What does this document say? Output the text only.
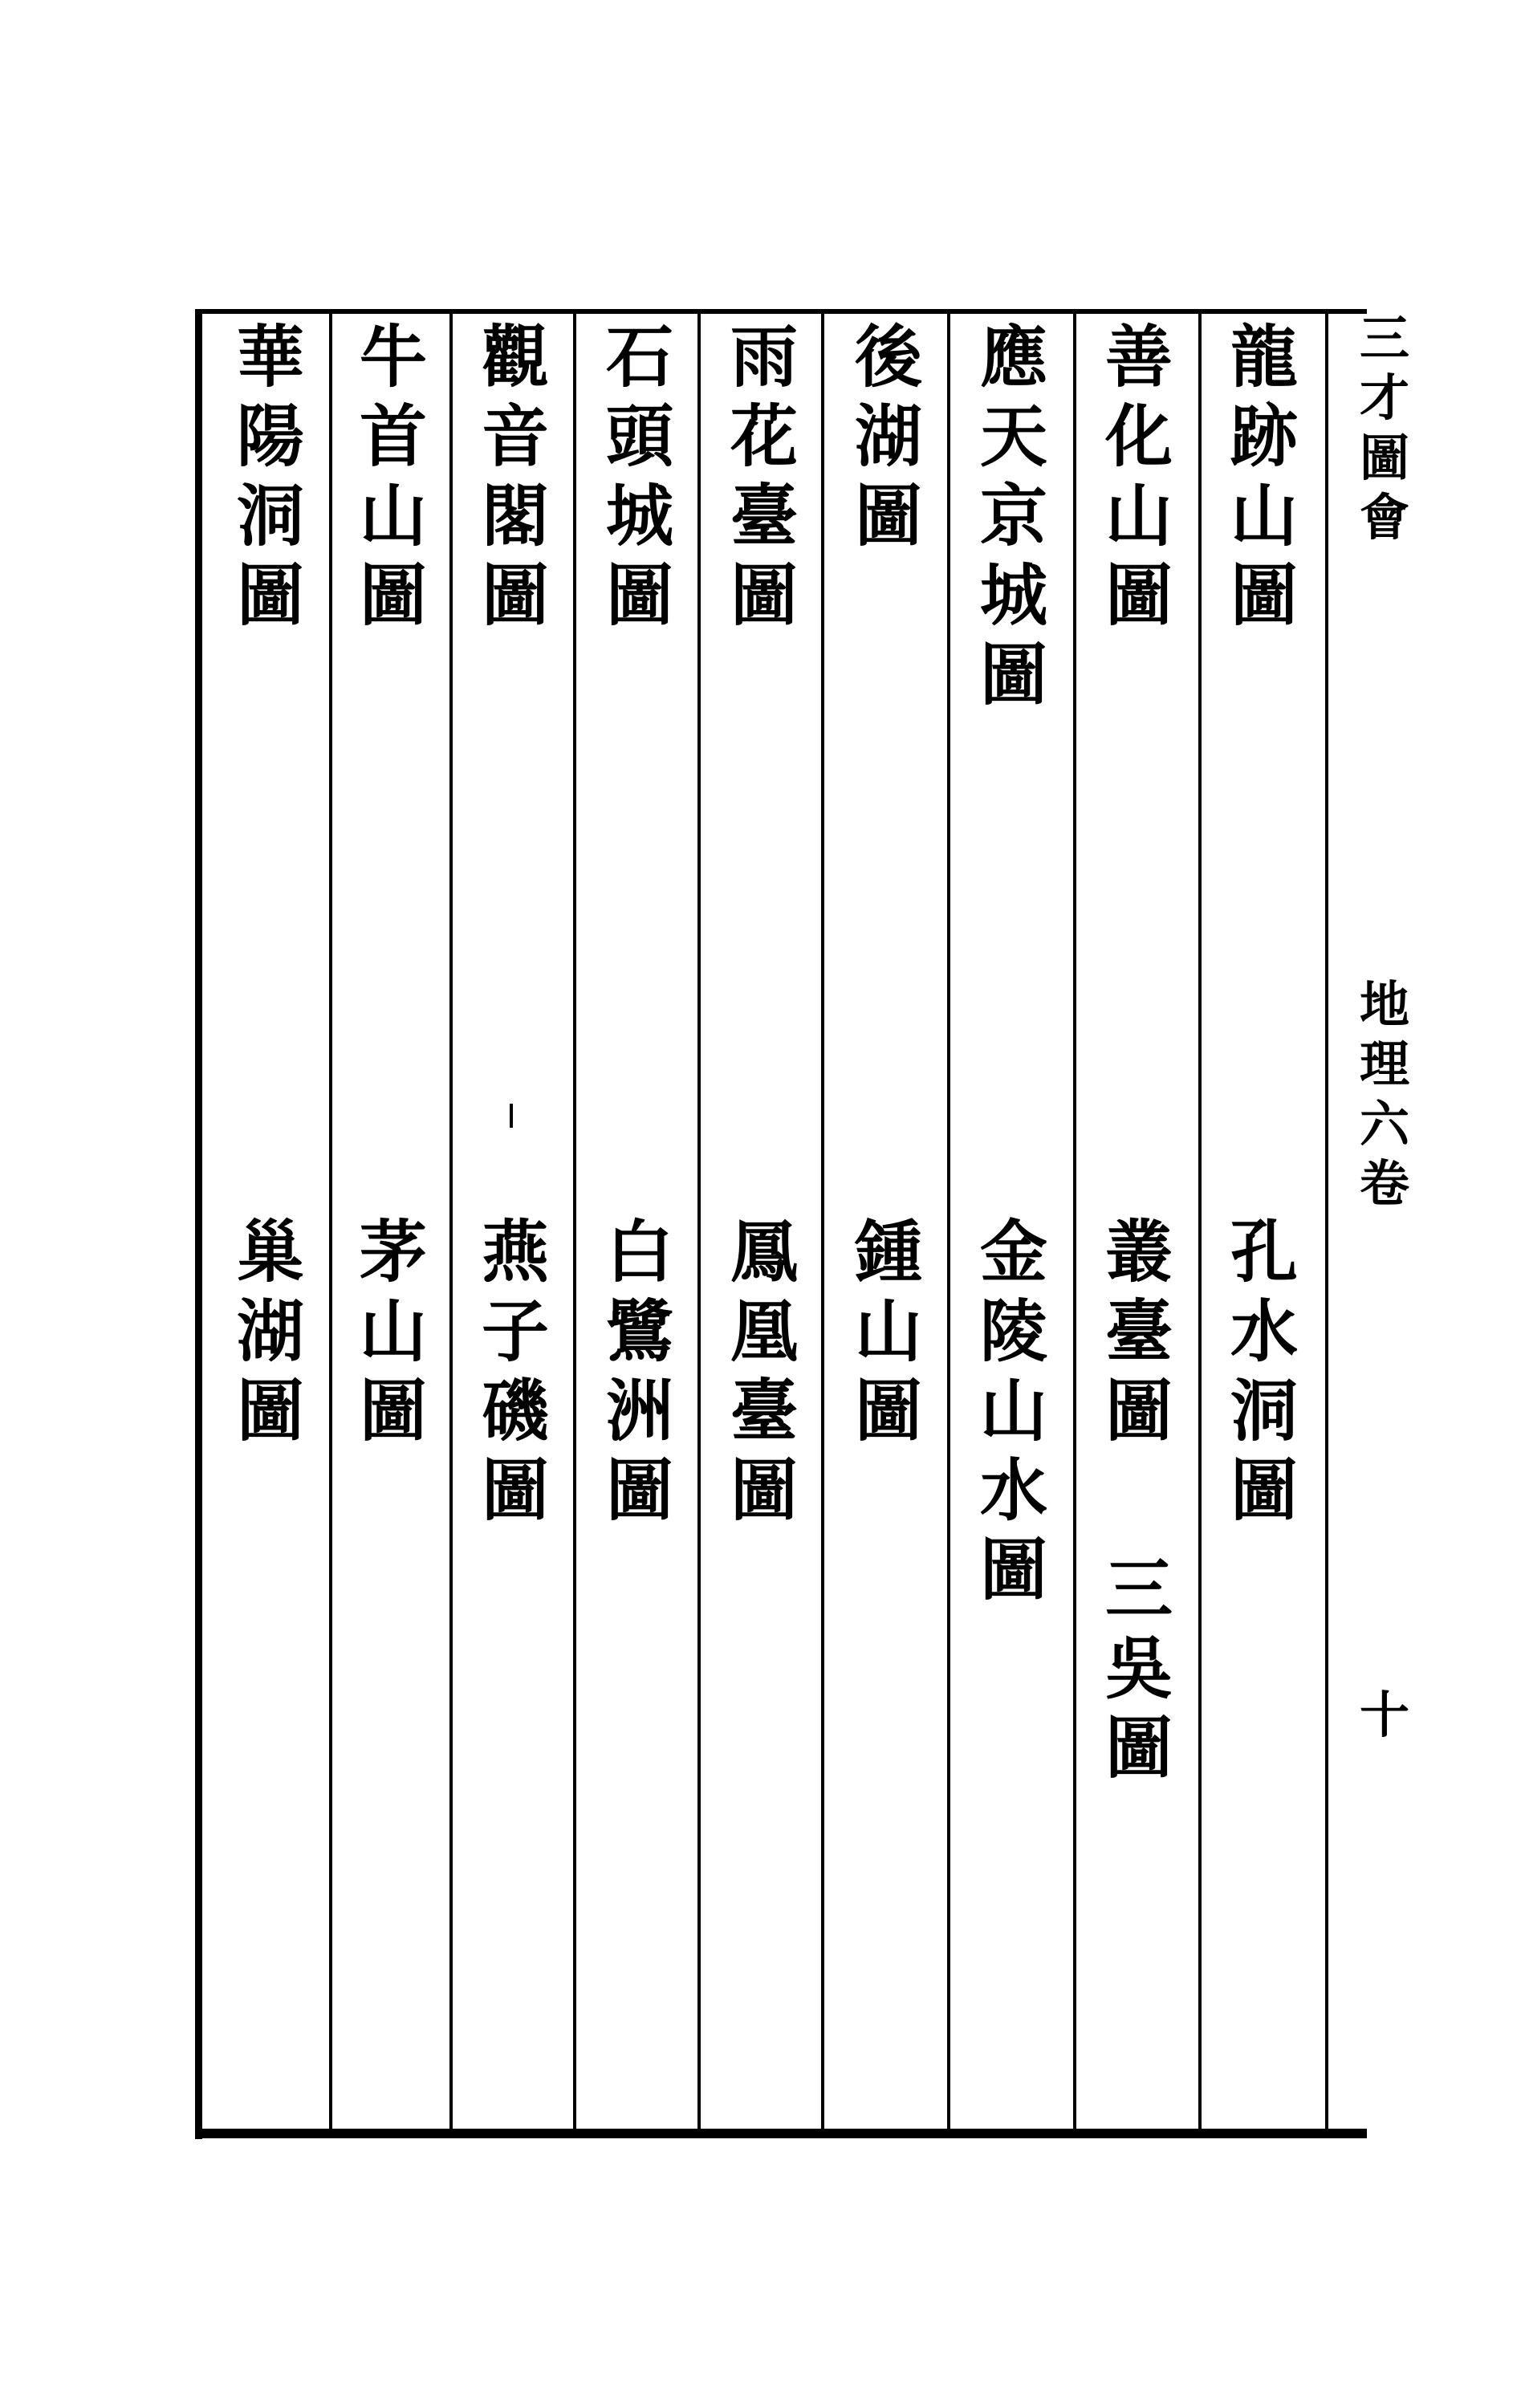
三
才
圖
會
地
理
六
卷
十
龍
跡
山
圖
孔
水
洞
圖
善
化
山
圖
叢
臺
圖
三
吳
圖
應
天
京
城
圖
金
陵
山
水
圖
後
湖
圖
鍾
山
圖
雨
花
臺
圖
鳳
凰
臺
圖
石
頭
城
圖
白
鷺
洲
圖
觀
音
閣
圖
燕
子
磯
圖
牛
首
山
圖
茅
山
圖
華
陽
洞
圖
巢
湖
圖
